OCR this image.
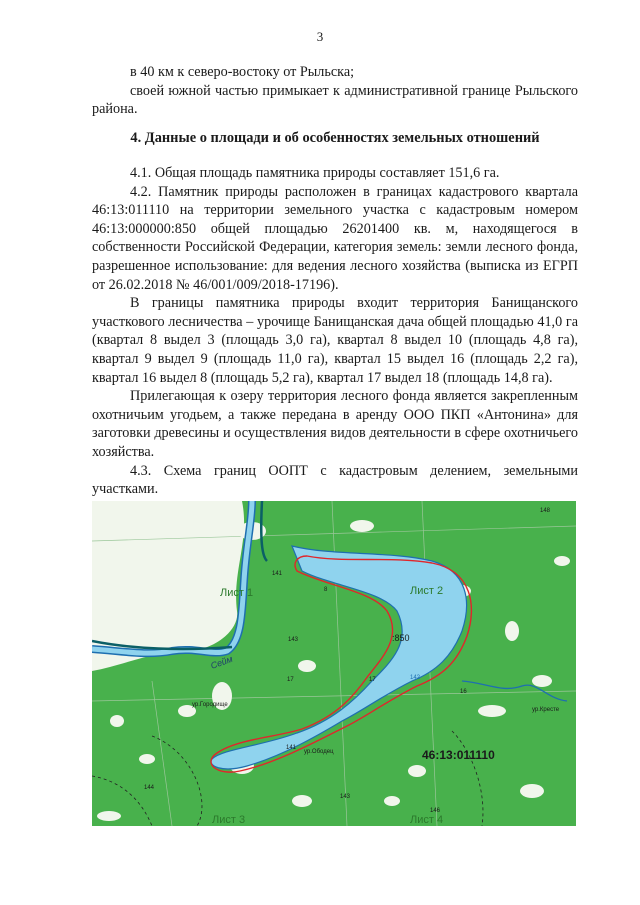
3

в 40 км к северо-востоку от Рыльска;

своей южной частью примыкает к административной границе Рыльского района.

4. Данные о площади и об особенностях земельных отношений

4.1. Общая площадь памятника природы составляет 151,6 га.

4.2. Памятник природы расположен в границах кадастрового квартала 46:13:011110 на территории земельного участка с кадастровым номером 46:13:000000:850 общей площадью 26201400 кв. м, находящегося в собственности Российской Федерации, категория земель: земли лесного фонда, разрешенное использование: для ведения лесного хозяйства (выписка из ЕГРП от 26.02.2018 № 46/001/009/2018-17196).

В границы памятника природы входит территория Банищанского участкового лесничества – урочище Банищанская дача общей площадью 41,0 га (квартал 8 выдел 3 (площадь 3,0 га), квартал 8 выдел 10 (площадь 4,8 га), квартал 9 выдел 9 (площадь 11,0 га), квартал 15 выдел 16 (площадь 2,2 га), квартал 16 выдел 8 (площадь 5,2 га), квартал 17 выдел 18 (площадь 14,8 га).

Прилегающая к озеру территория лесного фонда является закрепленным охотничьим угодьем, а также передана в аренду ООО ПКП «Антонина» для заготовки древесины и осуществления видов деятельности в сфере охотничьего хозяйства.

4.3. Схема границ ООПТ с кадастровым делением, земельными участками.

Лист 1	Лист 2
Лист 3	Лист 4
:850
46:13:011110
Сейм
ур.Городище
ур.Ободец
ур.Кресте
141
141
142
143
143
144
146
148
17	17
16
8
